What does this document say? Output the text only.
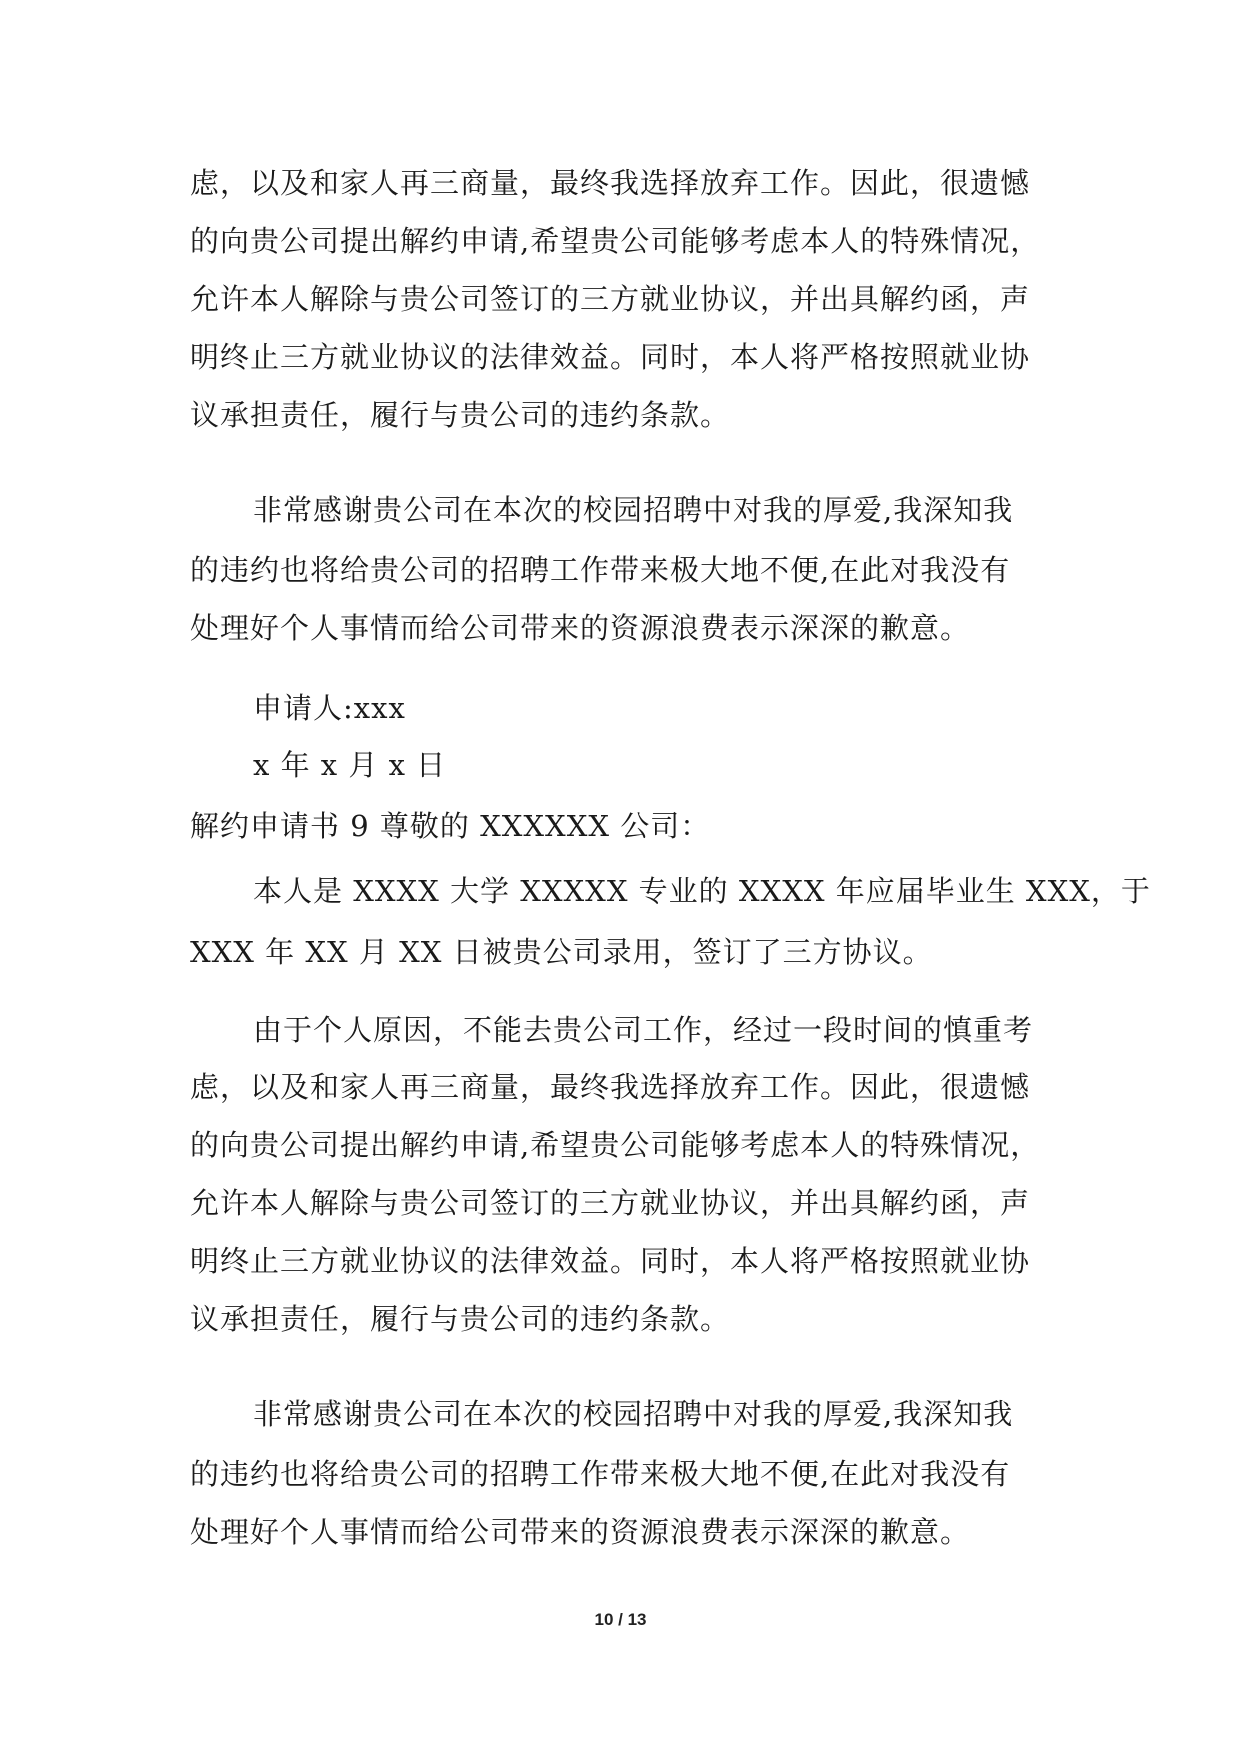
虑，以及和家人再三商量，最终我选择放弃工作。因此，很遗憾
的向贵公司提出解约申请,希望贵公司能够考虑本人的特殊情况，
允许本人解除与贵公司签订的三方就业协议，并出具解约函，声
明终止三方就业协议的法律效益。同时，本人将严格按照就业协
议承担责任，履行与贵公司的违约条款。
非常感谢贵公司在本次的校园招聘中对我的厚爱,我深知我
的违约也将给贵公司的招聘工作带来极大地不便,在此对我没有
处理好个人事情而给公司带来的资源浪费表示深深的歉意。
申请人:xxx
x 年 x 月 x 日
解约申请书 9 尊敬的 XXXXXX 公司：
本人是 XXXX 大学 XXXXX 专业的 XXXX 年应届毕业生 XXX，于
XXX 年 XX 月 XX 日被贵公司录用，签订了三方协议。
由于个人原因，不能去贵公司工作，经过一段时间的慎重考
虑，以及和家人再三商量，最终我选择放弃工作。因此，很遗憾
的向贵公司提出解约申请,希望贵公司能够考虑本人的特殊情况，
允许本人解除与贵公司签订的三方就业协议，并出具解约函，声
明终止三方就业协议的法律效益。同时，本人将严格按照就业协
议承担责任，履行与贵公司的违约条款。
非常感谢贵公司在本次的校园招聘中对我的厚爱,我深知我
的违约也将给贵公司的招聘工作带来极大地不便,在此对我没有
处理好个人事情而给公司带来的资源浪费表示深深的歉意。
10 / 13
